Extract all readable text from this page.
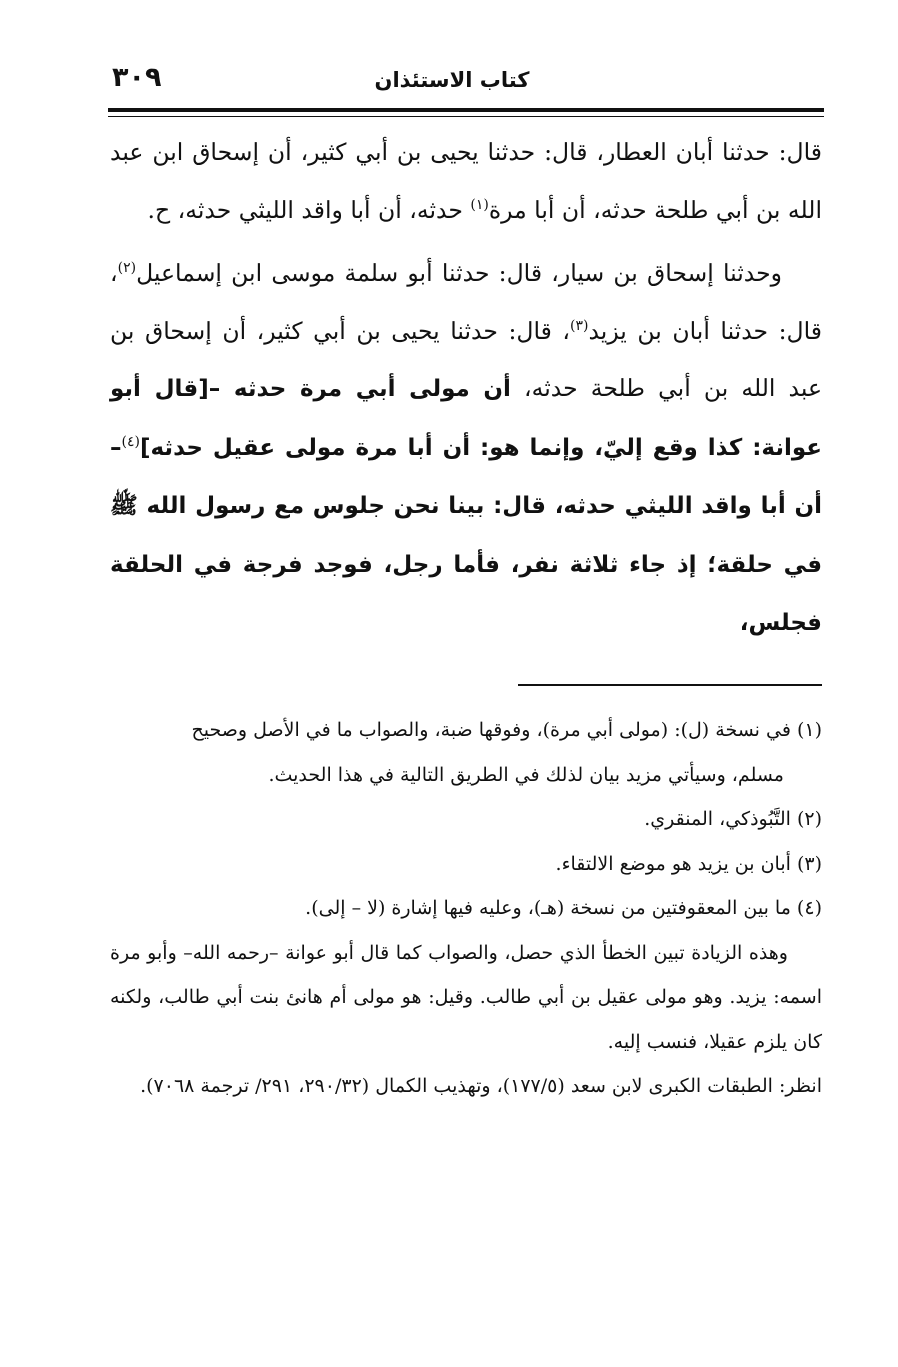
كتاب الاستئذان
٣٠٩

قال: حدثنا أبان العطار، قال: حدثنا يحيى بن أبي كثير، أن إسحاق ابن عبد الله بن أبي طلحة حدثه، أن أبا مرة$^{(١)}$ حدثه، أن أبا واقد الليثي حدثه، ح.

وحدثنا إسحاق بن سيار، قال: حدثنا أبو سلمة موسى ابن إسماعيل$^{(٢)}$، قال: حدثنا أبان بن يزيد$^{(٣)}$، قال: حدثنا يحيى بن أبي كثير، أن إسحاق بن عبد الله بن أبي طلحة حدثه، أن مولى أبي مرة حدثه –[قال أبو عوانة: كذا وقع إليّ، وإنما هو: أن أبا مرة مولى عقيل حدثه]$^{(٤)}$– أن أبا واقد الليثي حدثه، قال: بينا نحن جلوس مع رسول الله ﷺ في حلقة؛ إذ جاء ثلاثة نفر، فأما رجل، فوجد فرجة في الحلقة فجلس،

(١) في نسخة (ل): (مولى أبي مرة)، وفوقها ضبة، والصواب ما في الأصل وصحيح

مسلم، وسيأتي مزيد بيان لذلك في الطريق التالية في هذا الحديث.

(٢) التَّبُوذكي، المنقري.

(٣) أبان بن يزيد هو موضع الالتقاء.

(٤) ما بين المعقوفتين من نسخة (هـ)، وعليه فيها إشارة (لا – إلى).

وهذه الزيادة تبين الخطأ الذي حصل، والصواب كما قال أبو عوانة –رحمه الله– وأبو مرة اسمه: يزيد. وهو مولى عقيل بن أبي طالب. وقيل: هو مولى أم هانئ بنت أبي طالب، ولكنه كان يلزم عقيلا، فنسب إليه.

انظر: الطبقات الكبرى لابن سعد (١٧٧/٥)، وتهذيب الكمال (٢٩٠/٣٢، ٢٩١/ ترجمة ٧٠٦٨).
